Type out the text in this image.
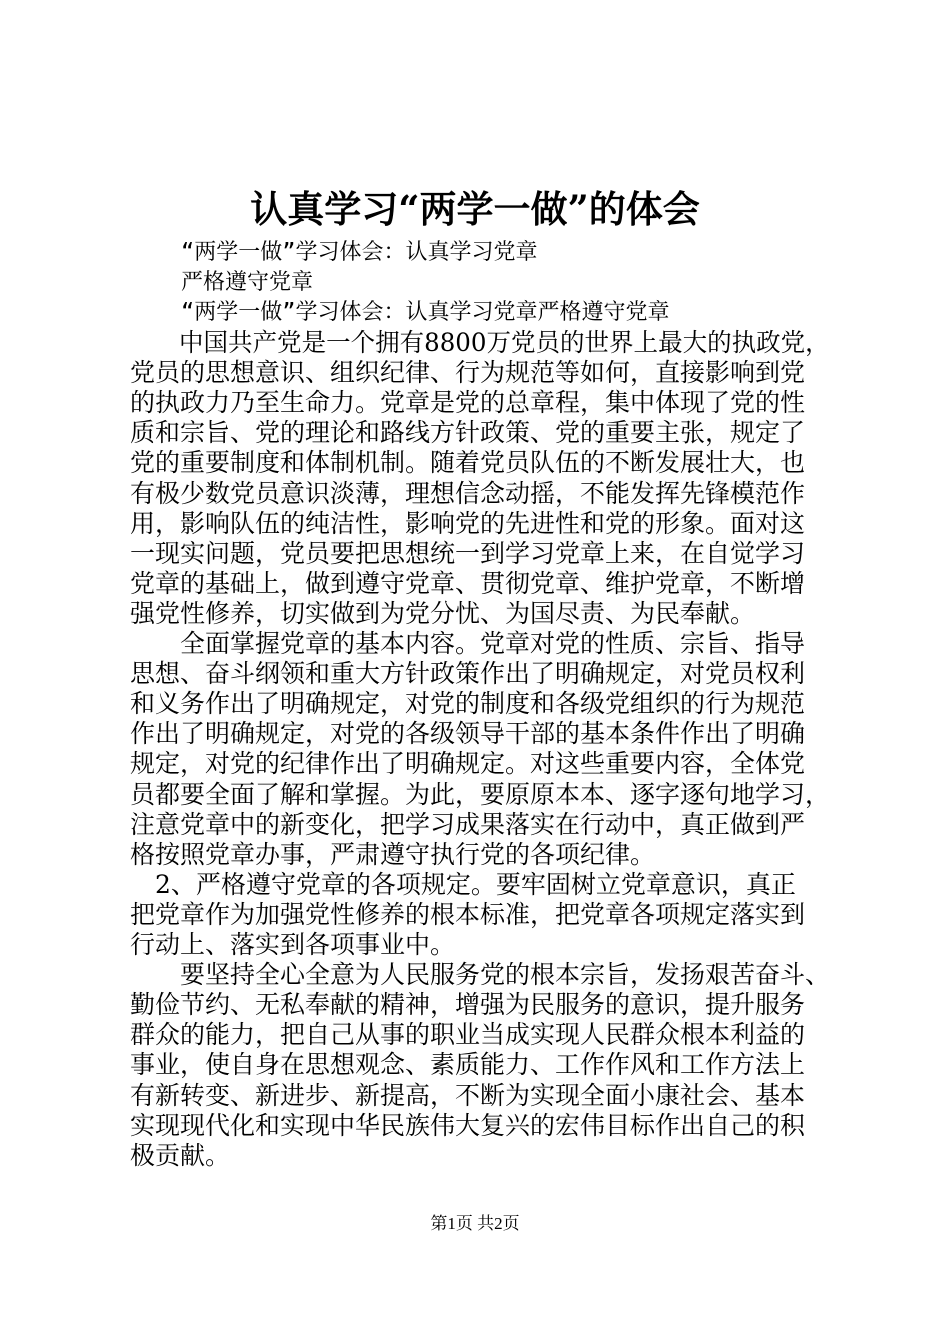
认真学习“两学一做”的体会
“两学一做”学习体会：认真学习党章
严格遵守党章
“两学一做”学习体会：认真学习党章严格遵守党章
　　中国共产党是一个拥有8800万党员的世界上最大的执政党，
党员的思想意识、组织纪律、行为规范等如何，直接影响到党
的执政力乃至生命力。党章是党的总章程，集中体现了党的性
质和宗旨、党的理论和路线方针政策、党的重要主张，规定了
党的重要制度和体制机制。随着党员队伍的不断发展壮大，也
有极少数党员意识淡薄，理想信念动摇，不能发挥先锋模范作
用，影响队伍的纯洁性，影响党的先进性和党的形象。面对这
一现实问题，党员要把思想统一到学习党章上来，在自觉学习
党章的基础上，做到遵守党章、贯彻党章、维护党章，不断增
强党性修养，切实做到为党分忧、为国尽责、为民奉献。
　　全面掌握党章的基本内容。党章对党的性质、宗旨、指导
思想、奋斗纲领和重大方针政策作出了明确规定，对党员权利
和义务作出了明确规定，对党的制度和各级党组织的行为规范
作出了明确规定，对党的各级领导干部的基本条件作出了明确
规定，对党的纪律作出了明确规定。对这些重要内容，全体党
员都要全面了解和掌握。为此，要原原本本、逐字逐句地学习，
注意党章中的新变化，把学习成果落实在行动中，真正做到严
格按照党章办事，严肃遵守执行党的各项纪律。
　2、严格遵守党章的各项规定。要牢固树立党章意识，真正
把党章作为加强党性修养的根本标准，把党章各项规定落实到
行动上、落实到各项事业中。
　　要坚持全心全意为人民服务党的根本宗旨，发扬艰苦奋斗、
勤俭节约、无私奉献的精神，增强为民服务的意识，提升服务
群众的能力，把自己从事的职业当成实现人民群众根本利益的
事业，使自身在思想观念、素质能力、工作作风和工作方法上
有新转变、新进步、新提高，不断为实现全面小康社会、基本
实现现代化和实现中华民族伟大复兴的宏伟目标作出自己的积
极贡献。
第1页 共2页
